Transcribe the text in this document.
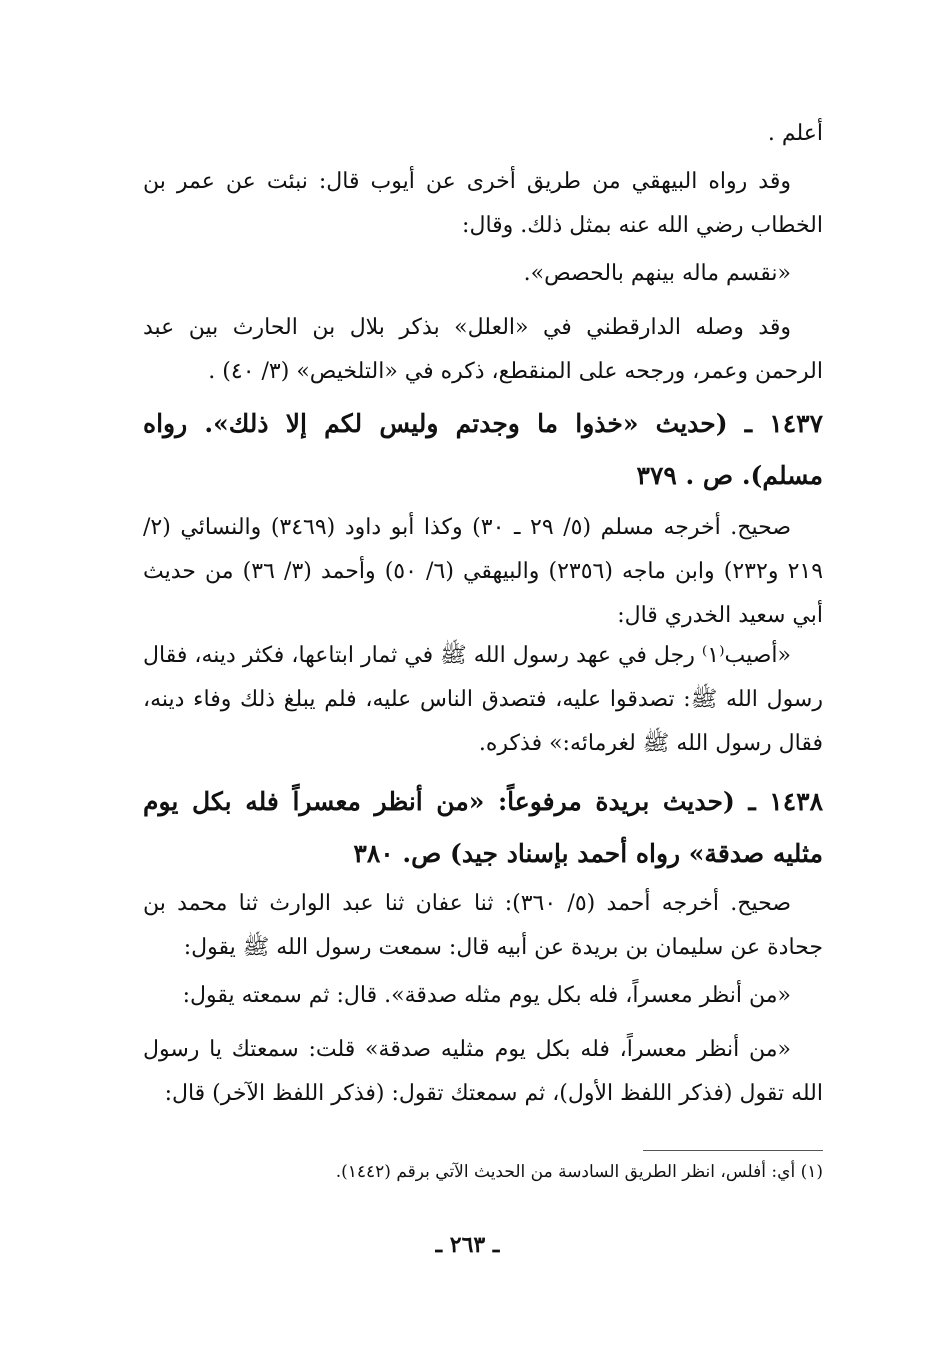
أعلم .

وقد رواه البيهقي من طريق أخرى عن أيوب قال: نبئت عن عمر بن الخطاب رضي الله عنه بمثل ذلك. وقال:

«نقسم ماله بينهم بالحصص».

وقد وصله الدارقطني في «العلل» بذكر بلال بن الحارث بين عبد الرحمن وعمر، ورجحه على المنقطع، ذكره في «التلخيص» (٣/ ٤٠) .

١٤٣٧ ـ (حديث «خذوا ما وجدتم وليس لكم إلا ذلك». رواه مسلم). ص . ٣٧٩

صحيح. أخرجه مسلم (٥/ ٢٩ ـ ٣٠) وكذا أبو داود (٣٤٦٩) والنسائي (٢/ ٢١٩ و٢٣٢) وابن ماجه (٢٣٥٦) والبيهقي (٦/ ٥٠) وأحمد (٣/ ٣٦) من حديث أبي سعيد الخدري قال:

«أصيب⁽١⁾ رجل في عهد رسول الله ﷺ في ثمار ابتاعها، فكثر دينه، فقال رسول الله ﷺ: تصدقوا عليه، فتصدق الناس عليه، فلم يبلغ ذلك وفاء دينه، فقال رسول الله ﷺ لغرمائه:» فذكره.

١٤٣٨ ـ (حديث بريدة مرفوعاً: «من أنظر معسراً فله بكل يوم مثليه صدقة» رواه أحمد بإسناد جيد) ص. ٣٨٠

صحيح. أخرجه أحمد (٥/ ٣٦٠): ثنا عفان ثنا عبد الوارث ثنا محمد بن جحادة عن سليمان بن بريدة عن أبيه قال: سمعت رسول الله ﷺ يقول:

«من أنظر معسراً، فله بكل يوم مثله صدقة». قال: ثم سمعته يقول:

«من أنظر معسراً، فله بكل يوم مثليه صدقة» قلت: سمعتك يا رسول الله تقول (فذكر اللفظ الأول)، ثم سمعتك تقول: (فذكر اللفظ الآخر) قال:

(١) أي: أفلس، انظر الطريق السادسة من الحديث الآتي برقم (١٤٤٢).
ـ ٢٦٣ ـ
